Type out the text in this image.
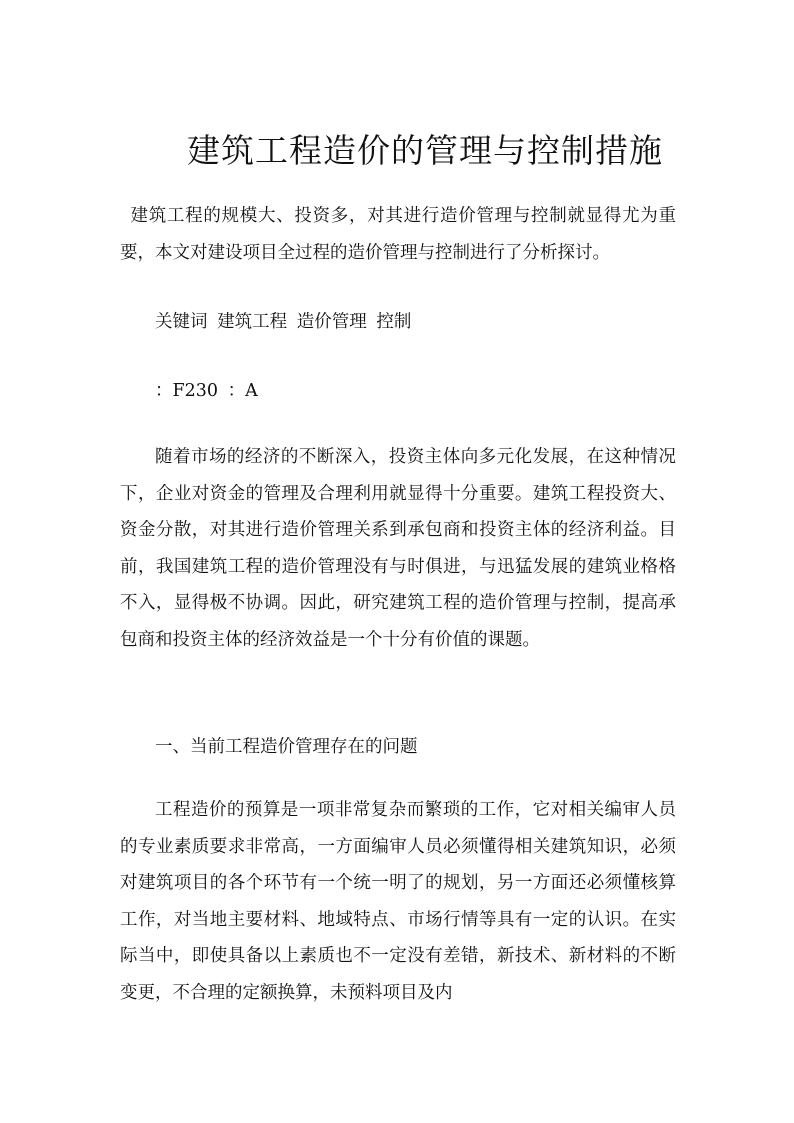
建筑工程造价的管理与控制措施

建筑工程的规模大、投资多，对其进行造价管理与控制就显得尤为重要，本文对建设项目全过程的造价管理与控制进行了分析探讨。

关键词 建筑工程 造价管理 控制

：F230 ：A

随着市场的经济的不断深入，投资主体向多元化发展，在这种情况下，企业对资金的管理及合理利用就显得十分重要。建筑工程投资大、资金分散，对其进行造价管理关系到承包商和投资主体的经济利益。目前，我国建筑工程的造价管理没有与时俱进，与迅猛发展的建筑业格格不入，显得极不协调。因此，研究建筑工程的造价管理与控制，提高承包商和投资主体的经济效益是一个十分有价值的课题。

一、当前工程造价管理存在的问题

工程造价的预算是一项非常复杂而繁琐的工作，它对相关编审人员的专业素质要求非常高，一方面编审人员必须懂得相关建筑知识，必须对建筑项目的各个环节有一个统一明了的规划，另一方面还必须懂核算工作，对当地主要材料、地域特点、市场行情等具有一定的认识。在实际当中，即使具备以上素质也不一定没有差错，新技术、新材料的不断变更，不合理的定额换算，未预料项目及内
